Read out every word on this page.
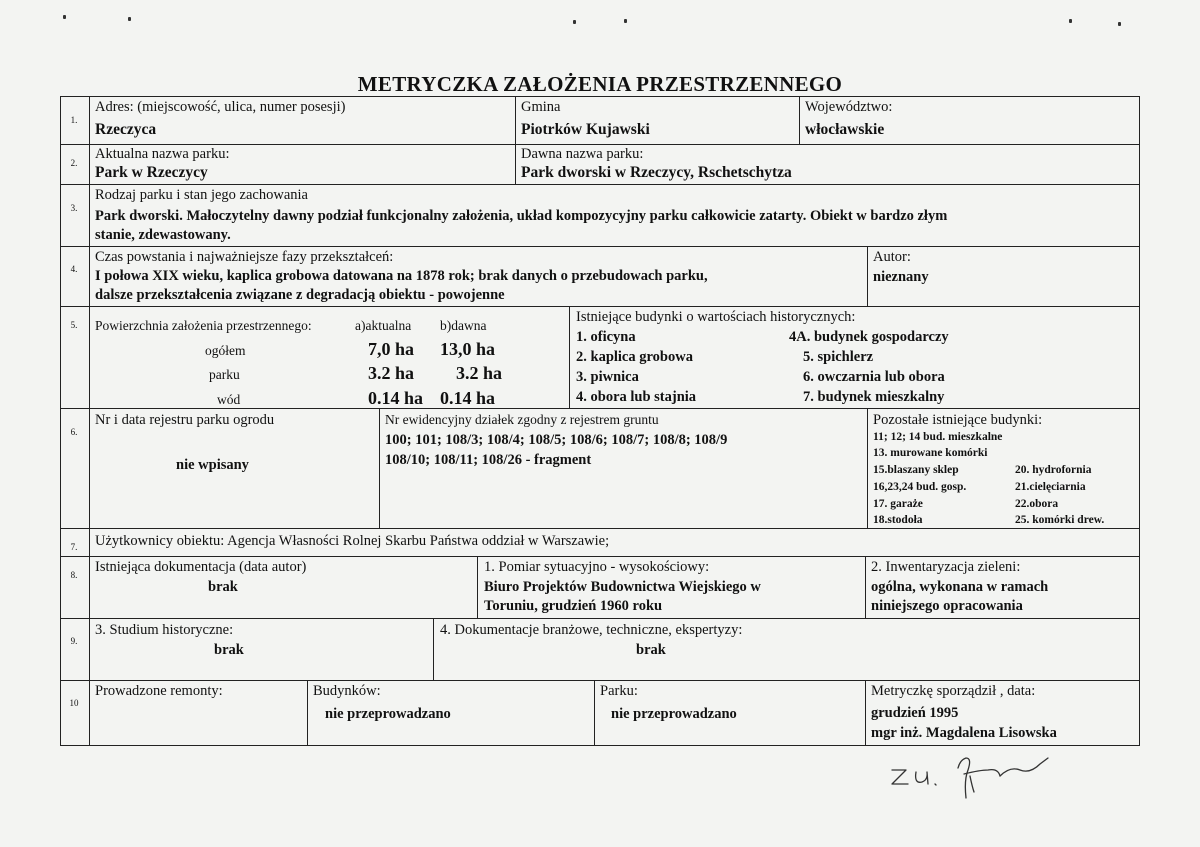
METRYCZKA ZAŁOŻENIA PRZESTRZENNEGO
1.
Adres: (miejscowość, ulica, numer posesji)
Rzeczyca
Gmina
Piotrków Kujawski
Województwo:
włocławskie
2.
Aktualna nazwa parku:
Park w Rzeczycy
Dawna nazwa parku:
Park dworski w Rzeczycy, Rschetschytza
3.
Rodzaj parku i stan jego zachowania
Park dworski. Małoczytelny dawny podział funkcjonalny założenia, układ kompozycyjny parku całkowicie zatarty. Obiekt w bardzo złym
stanie, zdewastowany.
4.
Czas powstania i najważniejsze fazy przekształceń:
I połowa XIX wieku, kaplica grobowa datowana na 1878 rok; brak danych o przebudowach parku,
dalsze przekształcenia związane z degradacją obiektu - powojenne
Autor:
nieznany
5.	Powierzchnia założenia przestrzennego:	a)aktualna b)dawna
ogółem	7,0 ha 13,0 ha
parku	3.2 ha 3.2 ha
wód	0.14 ha 0.14 ha
Istniejące budynki o wartościach historycznych:
1. oficyna
2. kaplica grobowa
3. piwnica
4. obora lub stajnia
4A. budynek gospodarczy
5. spichlerz
6. owczarnia lub obora
7. budynek mieszkalny
6.
Nr i data rejestru parku ogrodu
nie wpisany
Nr ewidencyjny działek zgodny z rejestrem gruntu
100; 101; 108/3; 108/4; 108/5; 108/6; 108/7; 108/8; 108/9
108/10; 108/11; 108/26 - fragment
Pozostałe istniejące budynki:
11; 12; 14 bud. mieszkalne
13. murowane komórki
15.blaszany sklep	20. hydrofornia
16,23,24 bud. gosp.	21.cielęciarnia
17. garaże	22.obora
18.stodoła	25. komórki drew.
7.	Użytkownicy obiektu: Agencja Własności Rolnej Skarbu Państwa oddział w Warszawie;
8.	Istniejąca dokumentacja (data autor)
brak
1. Pomiar sytuacyjno - wysokościowy:
Biuro Projektów Budownictwa Wiejskiego w
Toruniu, grudzień 1960 roku
2. Inwentaryzacja zieleni:
ogólna, wykonana w ramach
niniejszego opracowania
9.
3. Studium historyczne:
brak
4. Dokumentacje branżowe, techniczne, ekspertyzy:
brak
10
Prowadzone remonty:	Budynków:
nie przeprowadzano
Parku:
nie przeprowadzano
Metryczkę sporządził , data:
grudzień 1995
mgr inż. Magdalena Lisowska
